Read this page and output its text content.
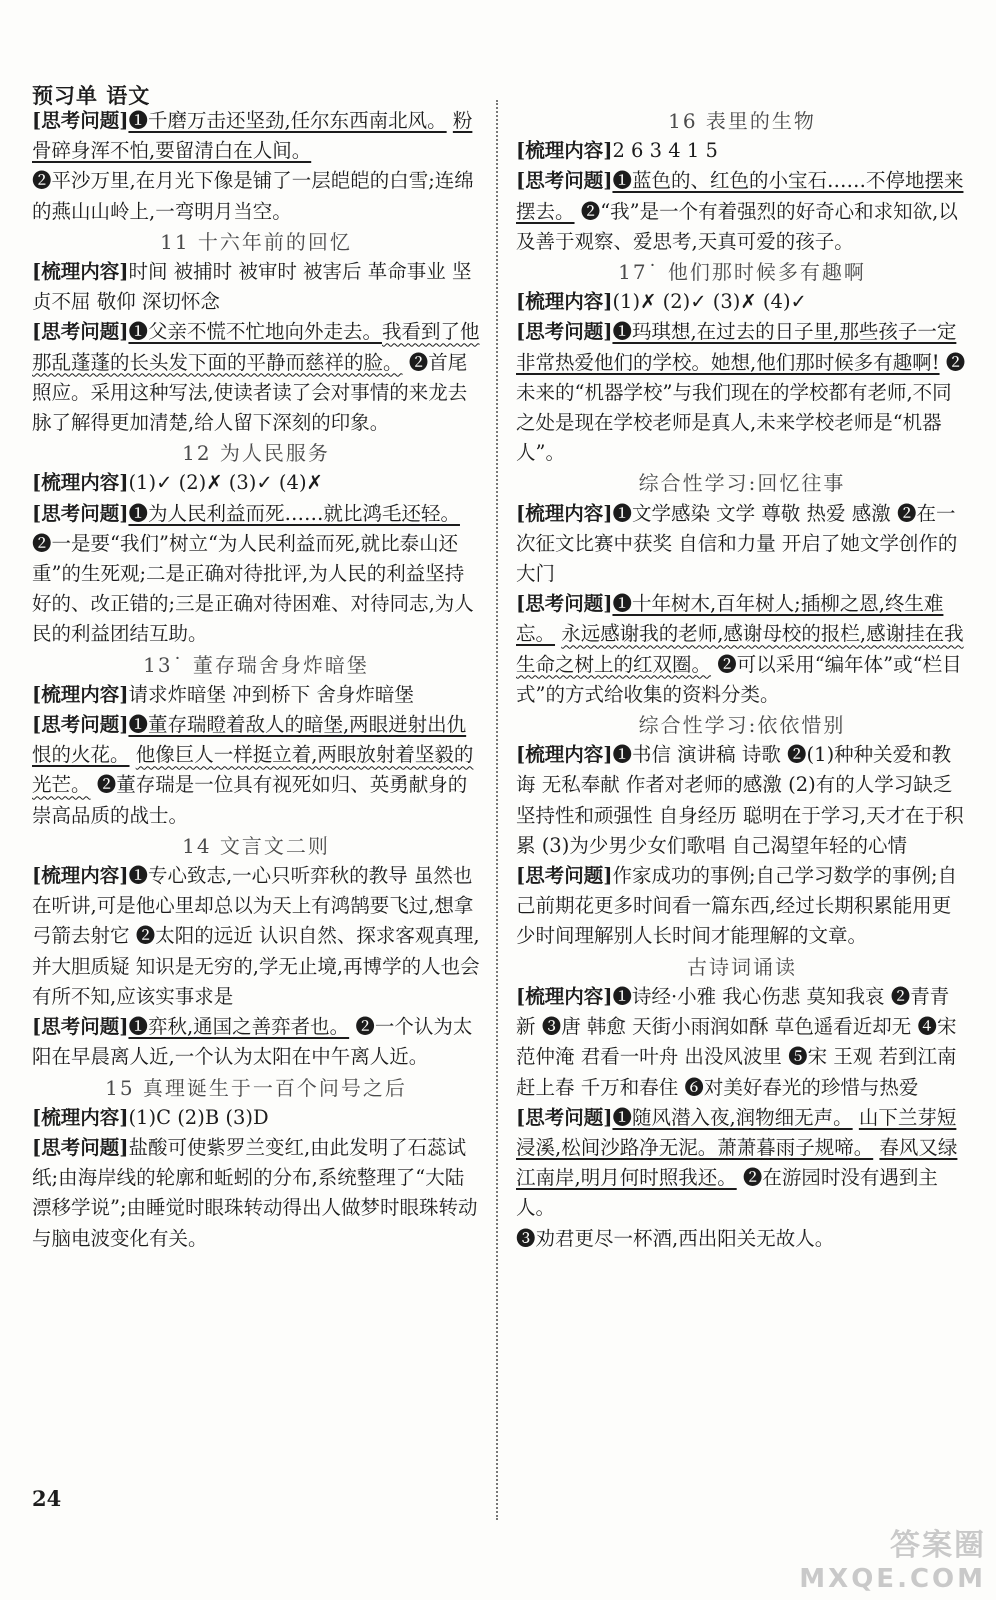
预习单 语文

[思考问题]❶千磨万击还坚劲,任尔东西南北风。 粉骨碎身浑不怕,要留清白在人间。
❷平沙万里,在月光下像是铺了一层皑皑的白雪;连绵的燕山山岭上,一弯明月当空。

11 十六年前的回忆

[梳理内容]时间 被捕时 被审时 被害后 革命事业 坚贞不屈 敬仰 深切怀念

[思考问题]❶父亲不慌不忙地向外走去。我看到了他那乱蓬蓬的长头发下面的平静而慈祥的脸。 ❷首尾照应。采用这种写法,使读者读了会对事情的来龙去脉了解得更加清楚,给人留下深刻的印象。

12 为人民服务

[梳理内容](1)✓ (2)✗ (3)✓ (4)✗

[思考问题]❶为人民利益而死……就比鸿毛还轻。 ❷一是要“我们”树立“为人民利益而死,就比泰山还重”的生死观;二是正确对待批评,为人民的利益坚持好的、改正错的;三是正确对待困难、对待同志,为人民的利益团结互助。

13˙ 董存瑞舍身炸暗堡

[梳理内容]请求炸暗堡 冲到桥下 舍身炸暗堡

[思考问题]❶董存瑞瞪着敌人的暗堡,两眼迸射出仇恨的火花。 他像巨人一样挺立着,两眼放射着坚毅的光芒。 ❷董存瑞是一位具有视死如归、英勇献身的崇高品质的战士。

14 文言文二则

[梳理内容]❶专心致志,一心只听弈秋的教导 虽然也在听讲,可是他心里却总以为天上有鸿鹄要飞过,想拿弓箭去射它 ❷太阳的远近 认识自然、探求客观真理,并大胆质疑 知识是无穷的,学无止境,再博学的人也会有所不知,应该实事求是

[思考问题]❶弈秋,通国之善弈者也。 ❷一个认为太阳在早晨离人近,一个认为太阳在中午离人近。

15 真理诞生于一百个问号之后

[梳理内容](1)C (2)B (3)D

[思考问题]盐酸可使紫罗兰变红,由此发明了石蕊试纸;由海岸线的轮廓和蚯蚓的分布,系统整理了“大陆漂移学说”;由睡觉时眼珠转动得出人做梦时眼珠转动与脑电波变化有关。

16 表里的生物

[梳理内容]2 6 3 4 1 5

[思考问题]❶蓝色的、红色的小宝石……不停地摆来摆去。 ❷“我”是一个有着强烈的好奇心和求知欲,以及善于观察、爱思考,天真可爱的孩子。

17˙ 他们那时候多有趣啊

[梳理内容](1)✗ (2)✓ (3)✗ (4)✓

[思考问题]❶玛琪想,在过去的日子里,那些孩子一定非常热爱他们的学校。她想,他们那时候多有趣啊! ❷未来的“机器学校”与我们现在的学校都有老师,不同之处是现在学校老师是真人,未来学校老师是“机器人”。

综合性学习:回忆往事

[梳理内容]❶文学感染 文学 尊敬 热爱 感激 ❷在一次征文比赛中获奖 自信和力量 开启了她文学创作的大门

[思考问题]❶十年树木,百年树人;插柳之恩,终生难忘。 永远感谢我的老师,感谢母校的报栏,感谢挂在我生命之树上的红双圈。 ❷可以采用“编年体”或“栏目式”的方式给收集的资料分类。

综合性学习:依依惜别

[梳理内容]❶书信 演讲稿 诗歌 ❷(1)种种关爱和教诲 无私奉献 作者对老师的感激 (2)有的人学习缺乏坚持性和顽强性 自身经历 聪明在于学习,天才在于积累 (3)为少男少女们歌唱 自己渴望年轻的心情

[思考问题]作家成功的事例;自己学习数学的事例;自己前期花更多时间看一篇东西,经过长期积累能用更少时间理解别人长时间才能理解的文章。

古诗词诵读

[梳理内容]❶诗经·小雅 我心伤悲 莫知我哀 ❷青青 新 ❸唐 韩愈 天街小雨润如酥 草色遥看近却无 ❹宋 范仲淹 君看一叶舟 出没风波里 ❺宋 王观 若到江南赶上春 千万和春住 ❻对美好春光的珍惜与热爱

[思考问题]❶随风潜入夜,润物细无声。 山下兰芽短浸溪,松间沙路净无泥。萧萧暮雨子规啼。 春风又绿江南岸,明月何时照我还。 ❷在游园时没有遇到主人。
❸劝君更尽一杯酒,西出阳关无故人。

24
答案圈
MXQE.COM
